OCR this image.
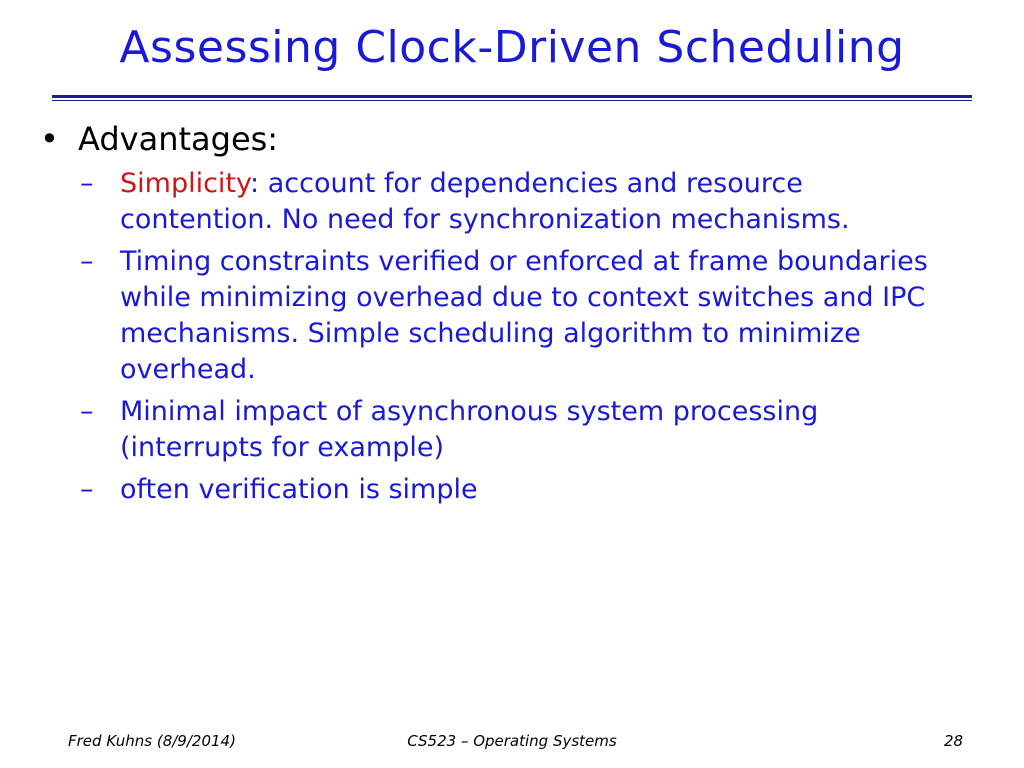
Assessing Clock-Driven Scheduling
• Advantages:
– Simplicity: account for dependencies and resource contention. No need for synchronization mechanisms.
– Timing constraints verified or enforced at frame boundaries while minimizing overhead due to context switches and IPC mechanisms. Simple scheduling algorithm to minimize overhead.
– Minimal impact of asynchronous system processing (interrupts for example)
– often verification is simple
Fred Kuhns (8/9/2014)	CS523 – Operating Systems	28
